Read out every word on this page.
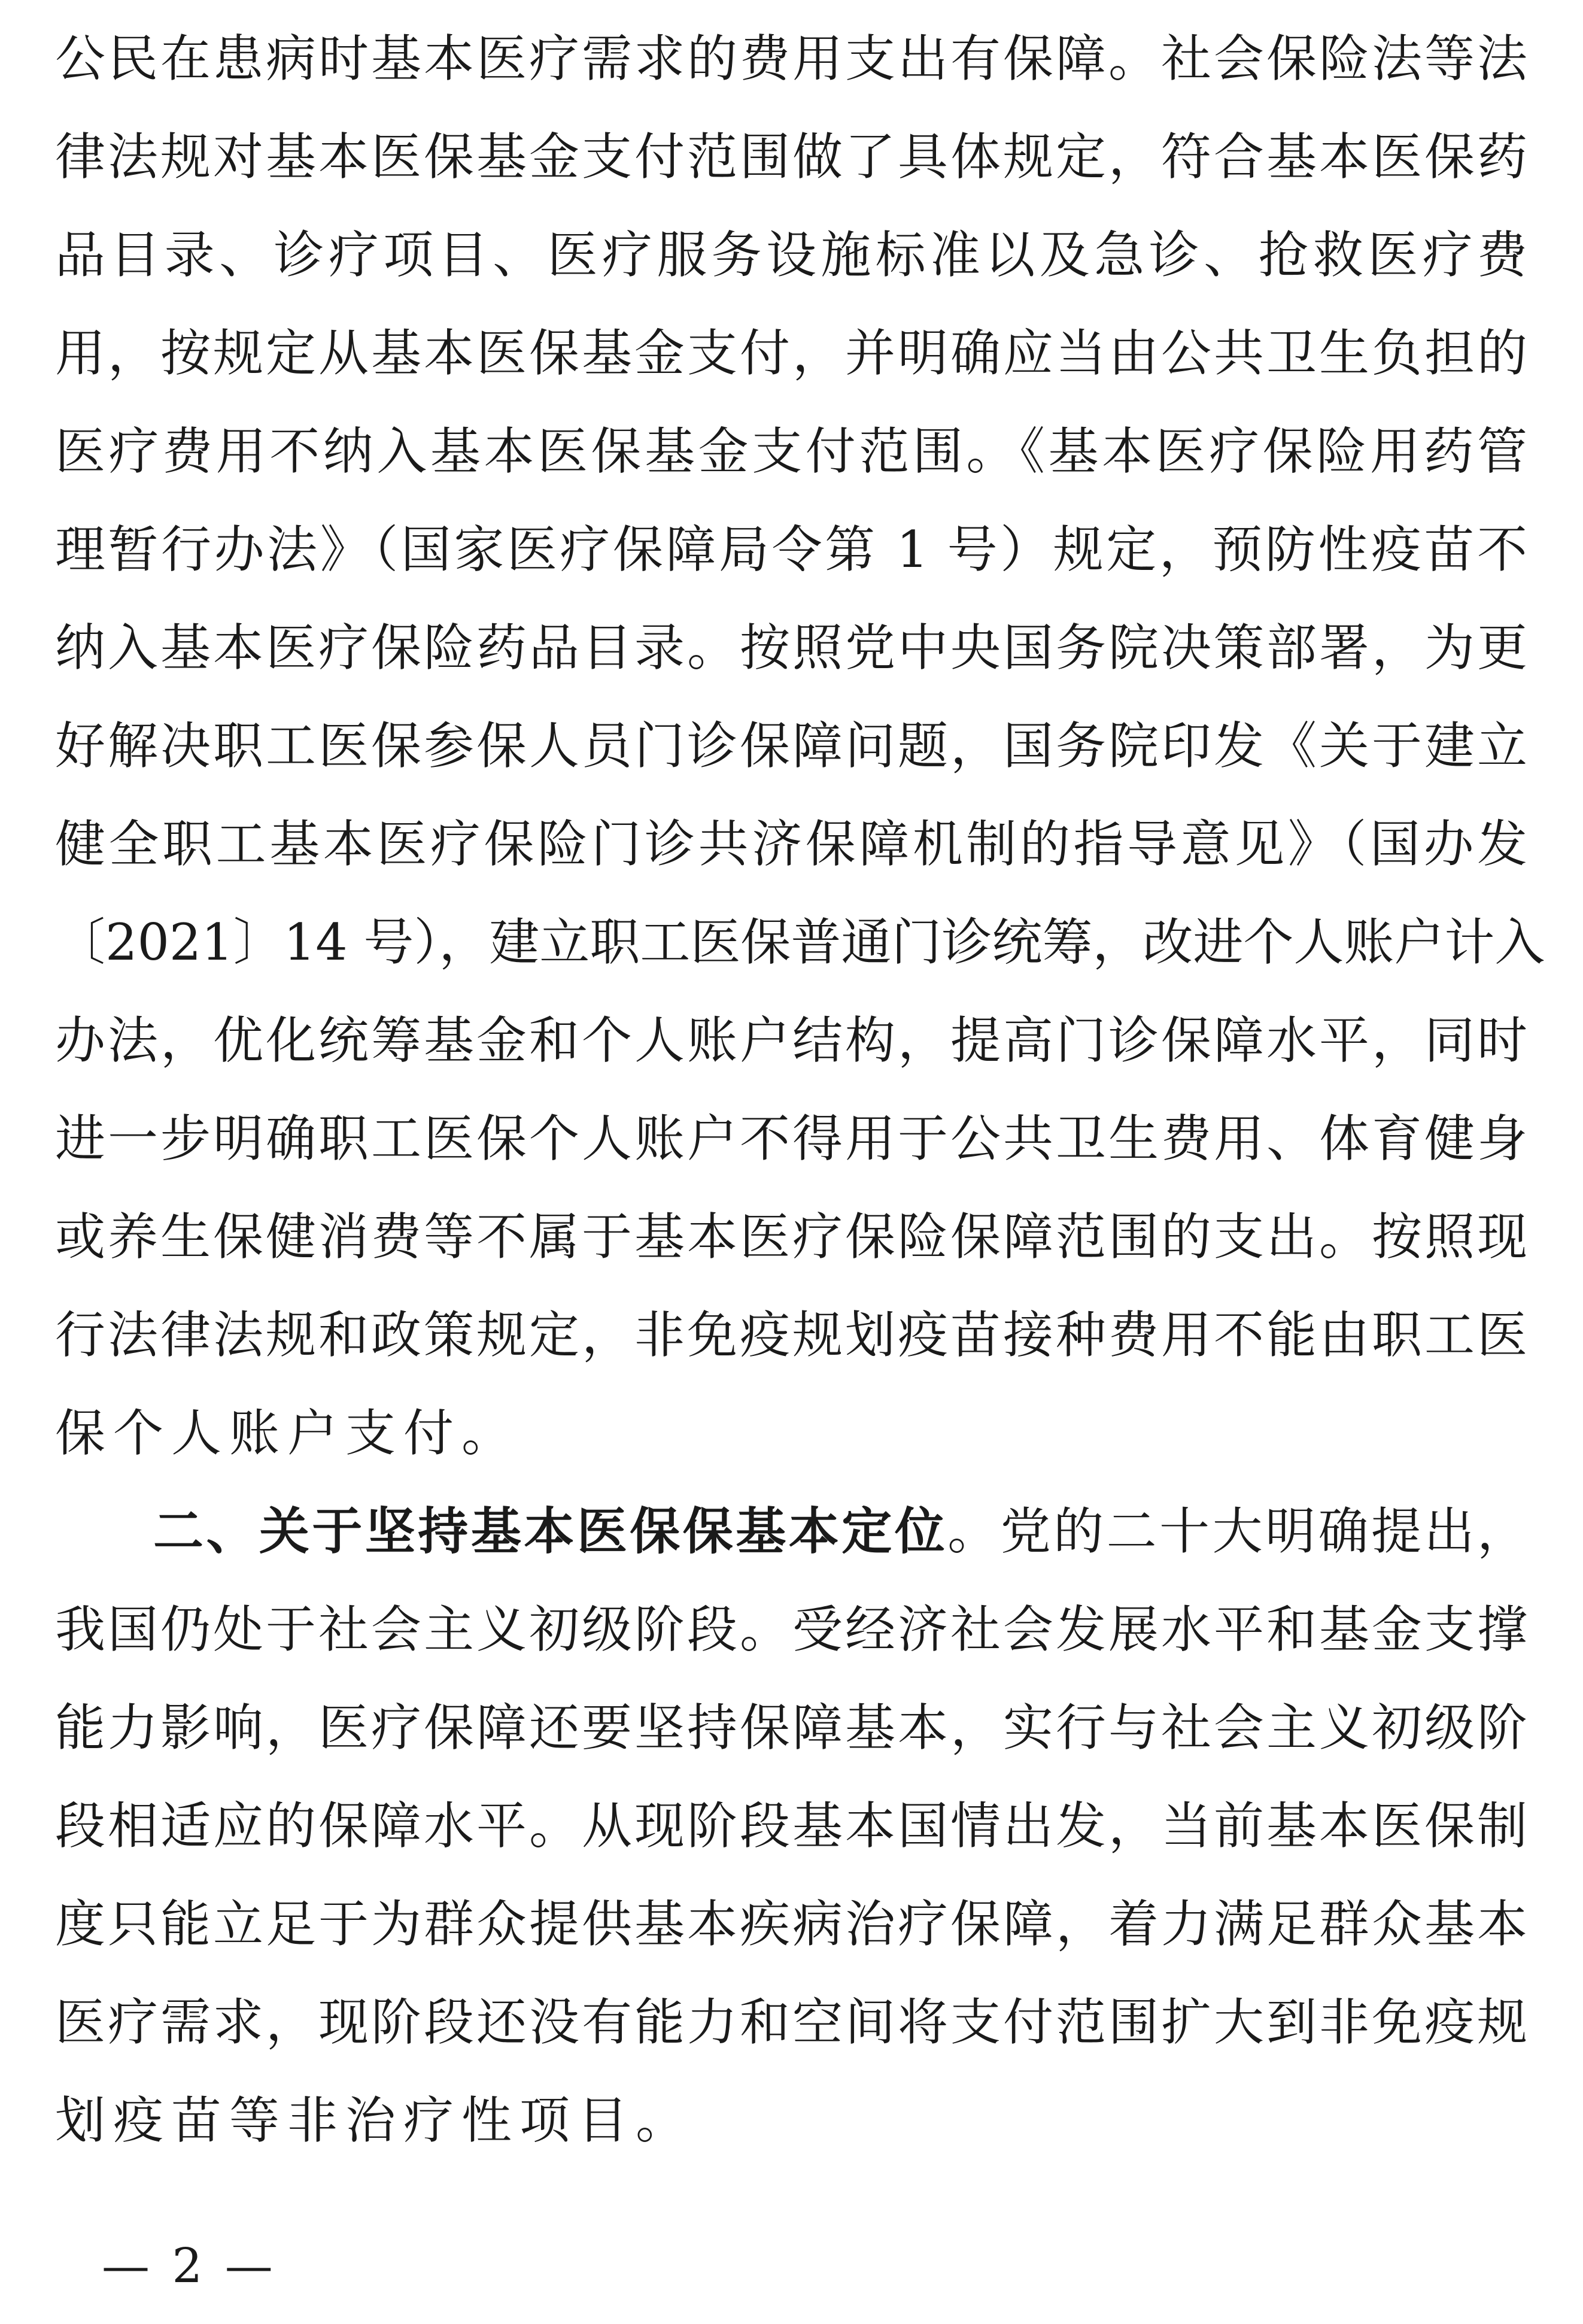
公民在患病时基本医疗需求的费用支出有保障。社会保险法等法
律法规对基本医保基金支付范围做了具体规定，符合基本医保药
品目录、诊疗项目、医疗服务设施标准以及急诊、抢救医疗费
用，按规定从基本医保基金支付，并明确应当由公共卫生负担的
医疗费用不纳入基本医保基金支付范围。《基本医疗保险用药管
理暂行办法》（国家医疗保障局令第 1 号）规定，预防性疫苗不
纳入基本医疗保险药品目录。按照党中央国务院决策部署，为更
好解决职工医保参保人员门诊保障问题，国务院印发《关于建立
健全职工基本医疗保险门诊共济保障机制的指导意见》（国办发
〔2021〕14 号），建立职工医保普通门诊统筹，改进个人账户计入
办法，优化统筹基金和个人账户结构，提高门诊保障水平，同时
进一步明确职工医保个人账户不得用于公共卫生费用、体育健身
或养生保健消费等不属于基本医疗保险保障范围的支出。按照现
行法律法规和政策规定，非免疫规划疫苗接种费用不能由职工医
保个人账户支付。
二、关于坚持基本医保保基本定位。党的二十大明确提出，
我国仍处于社会主义初级阶段。受经济社会发展水平和基金支撑
能力影响，医疗保障还要坚持保障基本，实行与社会主义初级阶
段相适应的保障水平。从现阶段基本国情出发，当前基本医保制
度只能立足于为群众提供基本疾病治疗保障，着力满足群众基本
医疗需求，现阶段还没有能力和空间将支付范围扩大到非免疫规
划疫苗等非治疗性项目。
— 2 —
